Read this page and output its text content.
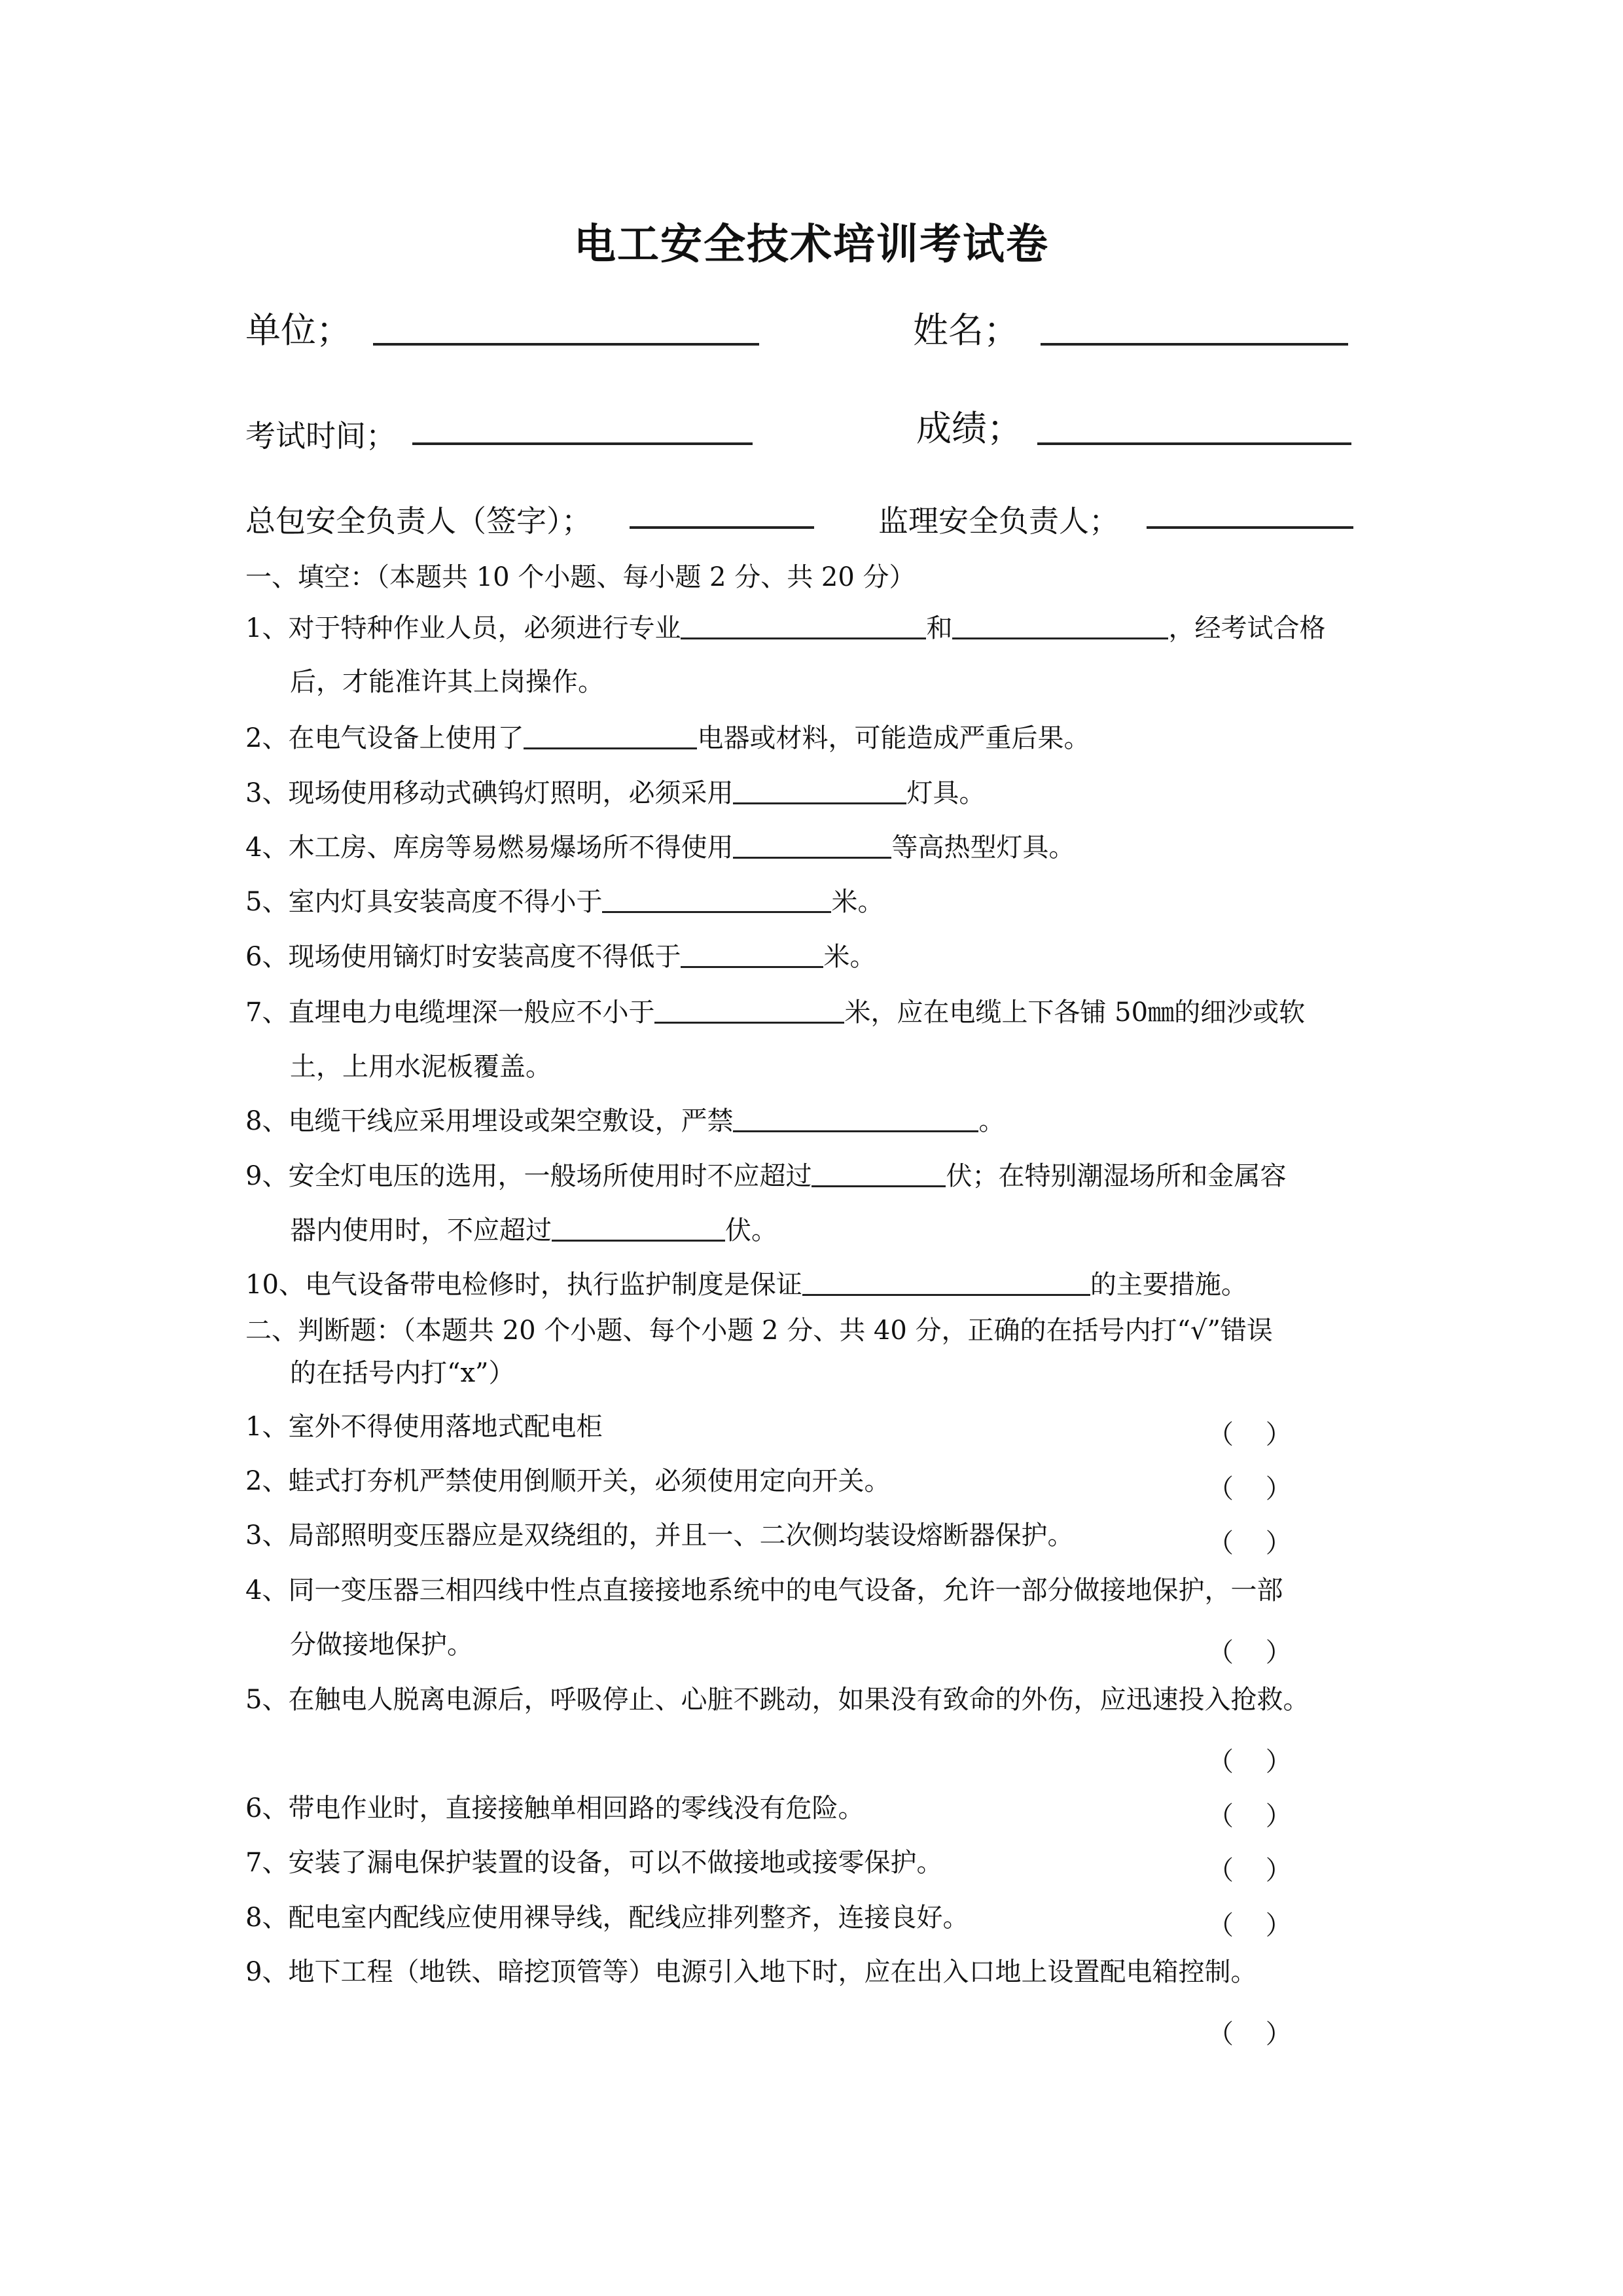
电工安全技术培训考试卷
单位；	姓名；
考试时间；	成绩；
总包安全负责人（签字）；	监理安全负责人；
一、填空：（本题共 10 个小题、每小题 2 分、共 20 分）
1、对于特种作业人员，必须进行专业	和	，经考试合格
后，才能准许其上岗操作。
2、在电气设备上使用了	电器或材料，可能造成严重后果。
3、现场使用移动式碘钨灯照明，必须采用	灯具。
4、木工房、库房等易燃易爆场所不得使用	等高热型灯具。
5、室内灯具安装高度不得小于	米。
6、现场使用镝灯时安装高度不得低于	米。
7、直埋电力电缆埋深一般应不小于	米，应在电缆上下各铺 50㎜的细沙或软
土，上用水泥板覆盖。
8、电缆干线应采用埋设或架空敷设，严禁	。
9、安全灯电压的选用，一般场所使用时不应超过	伏；在特别潮湿场所和金属容
器内使用时，不应超过	伏。
10、电气设备带电检修时，执行监护制度是保证	的主要措施。
二、判断题：（本题共 20 个小题、每个小题 2 分、共 40 分，正确的在括号内打“√”错误
的在括号内打“x”）
1、室外不得使用落地式配电柜	（ ）
2、蛙式打夯机严禁使用倒顺开关，必须使用定向开关。	（ ）
3、局部照明变压器应是双绕组的，并且一、二次侧均装设熔断器保护。	（ ）
4、同一变压器三相四线中性点直接接地系统中的电气设备，允许一部分做接地保护，一部
分做接地保护。	（ ）
5、在触电人脱离电源后，呼吸停止、心脏不跳动，如果没有致命的外伤，应迅速投入抢救。
（ ）
6、带电作业时，直接接触单相回路的零线没有危险。	（ ）
7、安装了漏电保护装置的设备，可以不做接地或接零保护。	（ ）
8、配电室内配线应使用裸导线，配线应排列整齐，连接良好。	（ ）
9、地下工程（地铁、暗挖顶管等）电源引入地下时，应在出入口地上设置配电箱控制。
（ ）
